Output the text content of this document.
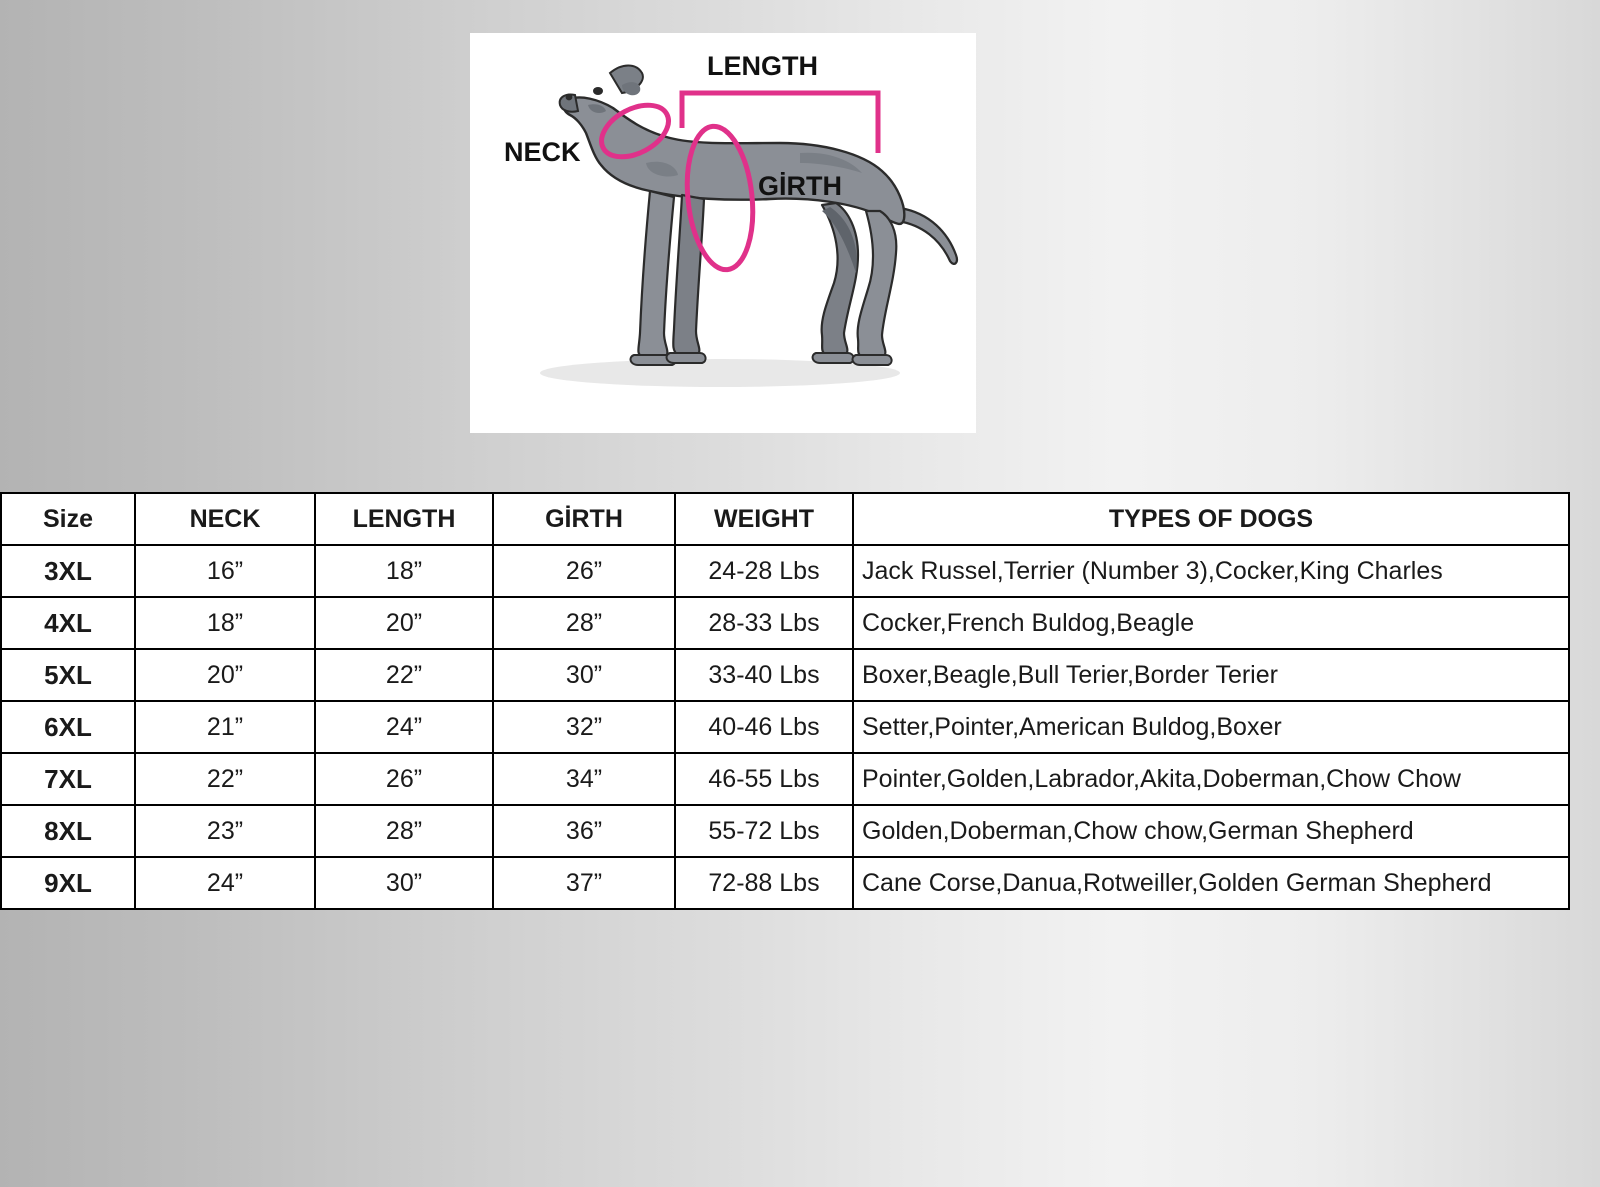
NECK
LENGTH
GİRTH
Size	NECK	LENGTH	GİRTH	WEIGHT	TYPES OF DOGS
3XL	16”	18”	26”	24-28 Lbs	Jack Russel,Terrier (Number 3),Cocker,King Charles
4XL	18”	20”	28”	28-33 Lbs	Cocker,French Buldog,Beagle
5XL	20”	22”	30”	33-40 Lbs	Boxer,Beagle,Bull Terier,Border Terier
6XL	21”	24”	32”	40-46 Lbs	Setter,Pointer,American Buldog,Boxer
7XL	22”	26”	34”	46-55 Lbs	Pointer,Golden,Labrador,Akita,Doberman,Chow Chow
8XL	23”	28”	36”	55-72 Lbs	Golden,Doberman,Chow chow,German Shepherd
9XL	24”	30”	37”	72-88 Lbs	Cane Corse,Danua,Rotweiller,Golden German Shepherd
